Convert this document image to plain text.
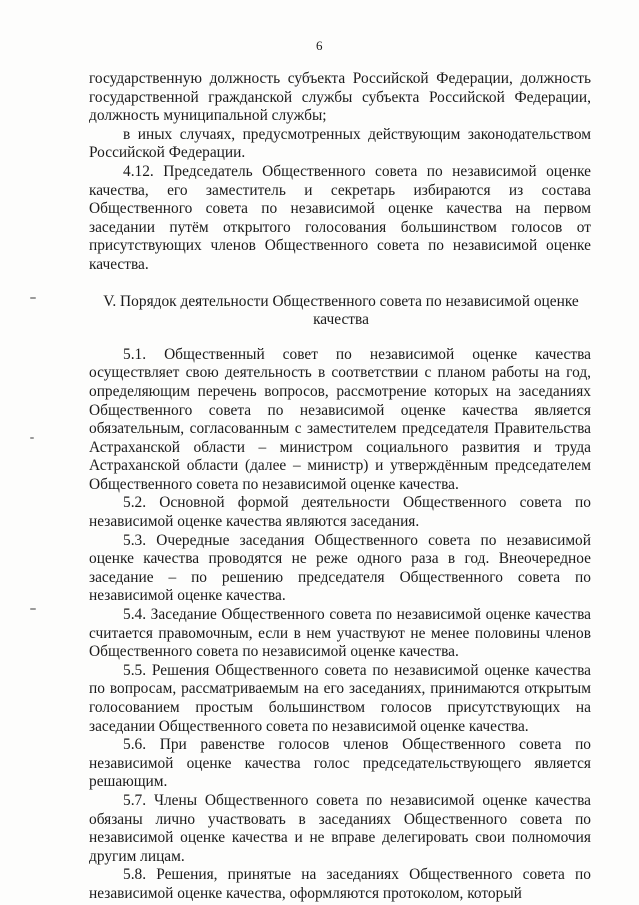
6

государственную должность субъекта Российской Федерации, должность государственной гражданской службы субъекта Российской Федерации, должность муниципальной службы;

в иных случаях, предусмотренных действующим законодательством Российской Федерации.

4.12. Председатель Общественного совета по независимой оценке качества, его заместитель и секретарь избираются из состава Общественного совета по независимой оценке качества на первом заседании путём открытого голосования большинством голосов от присутствующих членов Общественного совета по независимой оценке качества.

V. Порядок деятельности Общественного совета по независимой оценке качества

5.1. Общественный совет по независимой оценке качества осуществляет свою деятельность в соответствии с планом работы на год, определяющим перечень вопросов, рассмотрение которых на заседаниях Общественного совета по независимой оценке качества является обязательным, согласованным с заместителем председателя Правительства Астраханской области – министром социального развития и труда Астраханской области (далее – министр) и утверждённым председателем Общественного совета по независимой оценке качества.

5.2. Основной формой деятельности Общественного совета по независимой оценке качества являются заседания.

5.3. Очередные заседания Общественного совета по независимой оценке качества проводятся не реже одного раза в год. Внеочередное заседание – по решению председателя Общественного совета по независимой оценке качества.

5.4. Заседание Общественного совета по независимой оценке качества считается правомочным, если в нем участвуют не менее половины членов Общественного совета по независимой оценке качества.

5.5. Решения Общественного совета по независимой оценке качества по вопросам, рассматриваемым на его заседаниях, принимаются открытым голосованием простым большинством голосов присутствующих на заседании Общественного совета по независимой оценке качества.

5.6. При равенстве голосов членов Общественного совета по независимой оценке качества голос председательствующего является решающим.

5.7. Члены Общественного совета по независимой оценке качества обязаны лично участвовать в заседаниях Общественного совета по независимой оценке качества и не вправе делегировать свои полномочия другим лицам.

5.8. Решения, принятые на заседаниях Общественного совета по независимой оценке качества, оформляются протоколом, который
